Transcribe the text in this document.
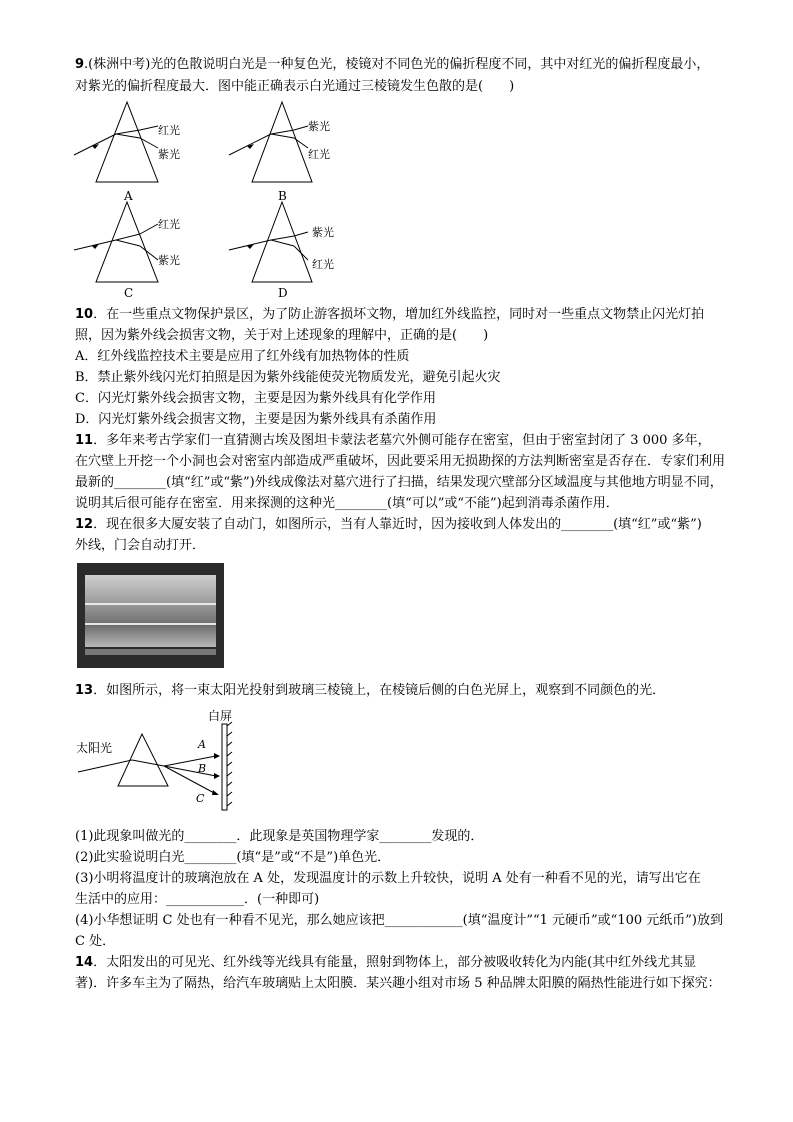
9.(株洲中考)光的色散说明白光是一种复色光，棱镜对不同色光的偏折程度不同，其中对红光的偏折程度最小，
对紫光的偏折程度最大．图中能正确表示白光通过三棱镜发生色散的是(　　)
红光
紫光
A
紫光
红光
B
红光
紫光
C
紫光
红光
D
10．在一些重点文物保护景区，为了防止游客损坏文物，增加红外线监控，同时对一些重点文物禁止闪光灯拍
照，因为紫外线会损害文物，关于对上述现象的理解中，正确的是(　　)
A．红外线监控技术主要是应用了红外线有加热物体的性质
B．禁止紫外线闪光灯拍照是因为紫外线能使荧光物质发光，避免引起火灾
C．闪光灯紫外线会损害文物，主要是因为紫外线具有化学作用
D．闪光灯紫外线会损害文物，主要是因为紫外线具有杀菌作用
11．多年来考古学家们一直猜测古埃及图坦卡蒙法老墓穴外侧可能存在密室，但由于密室封闭了 3 000 多年，
在穴壁上开挖一个小洞也会对密室内部造成严重破坏，因此要采用无损勘探的方法判断密室是否存在．专家们利用
最新的________(填“红”或“紫”)外线成像法对墓穴进行了扫描，结果发现穴壁部分区域温度与其他地方明显不同，
说明其后很可能存在密室．用来探测的这种光________(填“可以”或“不能”)起到消毒杀菌作用．
12．现在很多大厦安装了自动门，如图所示，当有人靠近时，因为接收到人体发出的________(填“红”或“紫”)
外线，门会自动打开．
13．如图所示，将一束太阳光投射到玻璃三棱镜上，在棱镜后侧的白色光屏上，观察到不同颜色的光．
白屏
太阳光	A
B
C
(1)此现象叫做光的________．此现象是英国物理学家________发现的．
(2)此实验说明白光________(填“是”或“不是”)单色光．
(3)小明将温度计的玻璃泡放在 A 处，发现温度计的示数上升较快，说明 A 处有一种看不见的光，请写出它在
生活中的应用：____________．(一种即可)
(4)小华想证明 C 处也有一种看不见光，那么她应该把____________(填“温度计”“1 元硬币”或“100 元纸币”)放到
C 处．
14．太阳发出的可见光、红外线等光线具有能量，照射到物体上，部分被吸收转化为内能(其中红外线尤其显
著)．许多车主为了隔热，给汽车玻璃贴上太阳膜．某兴趣小组对市场 5 种品牌太阳膜的隔热性能进行如下探究：
